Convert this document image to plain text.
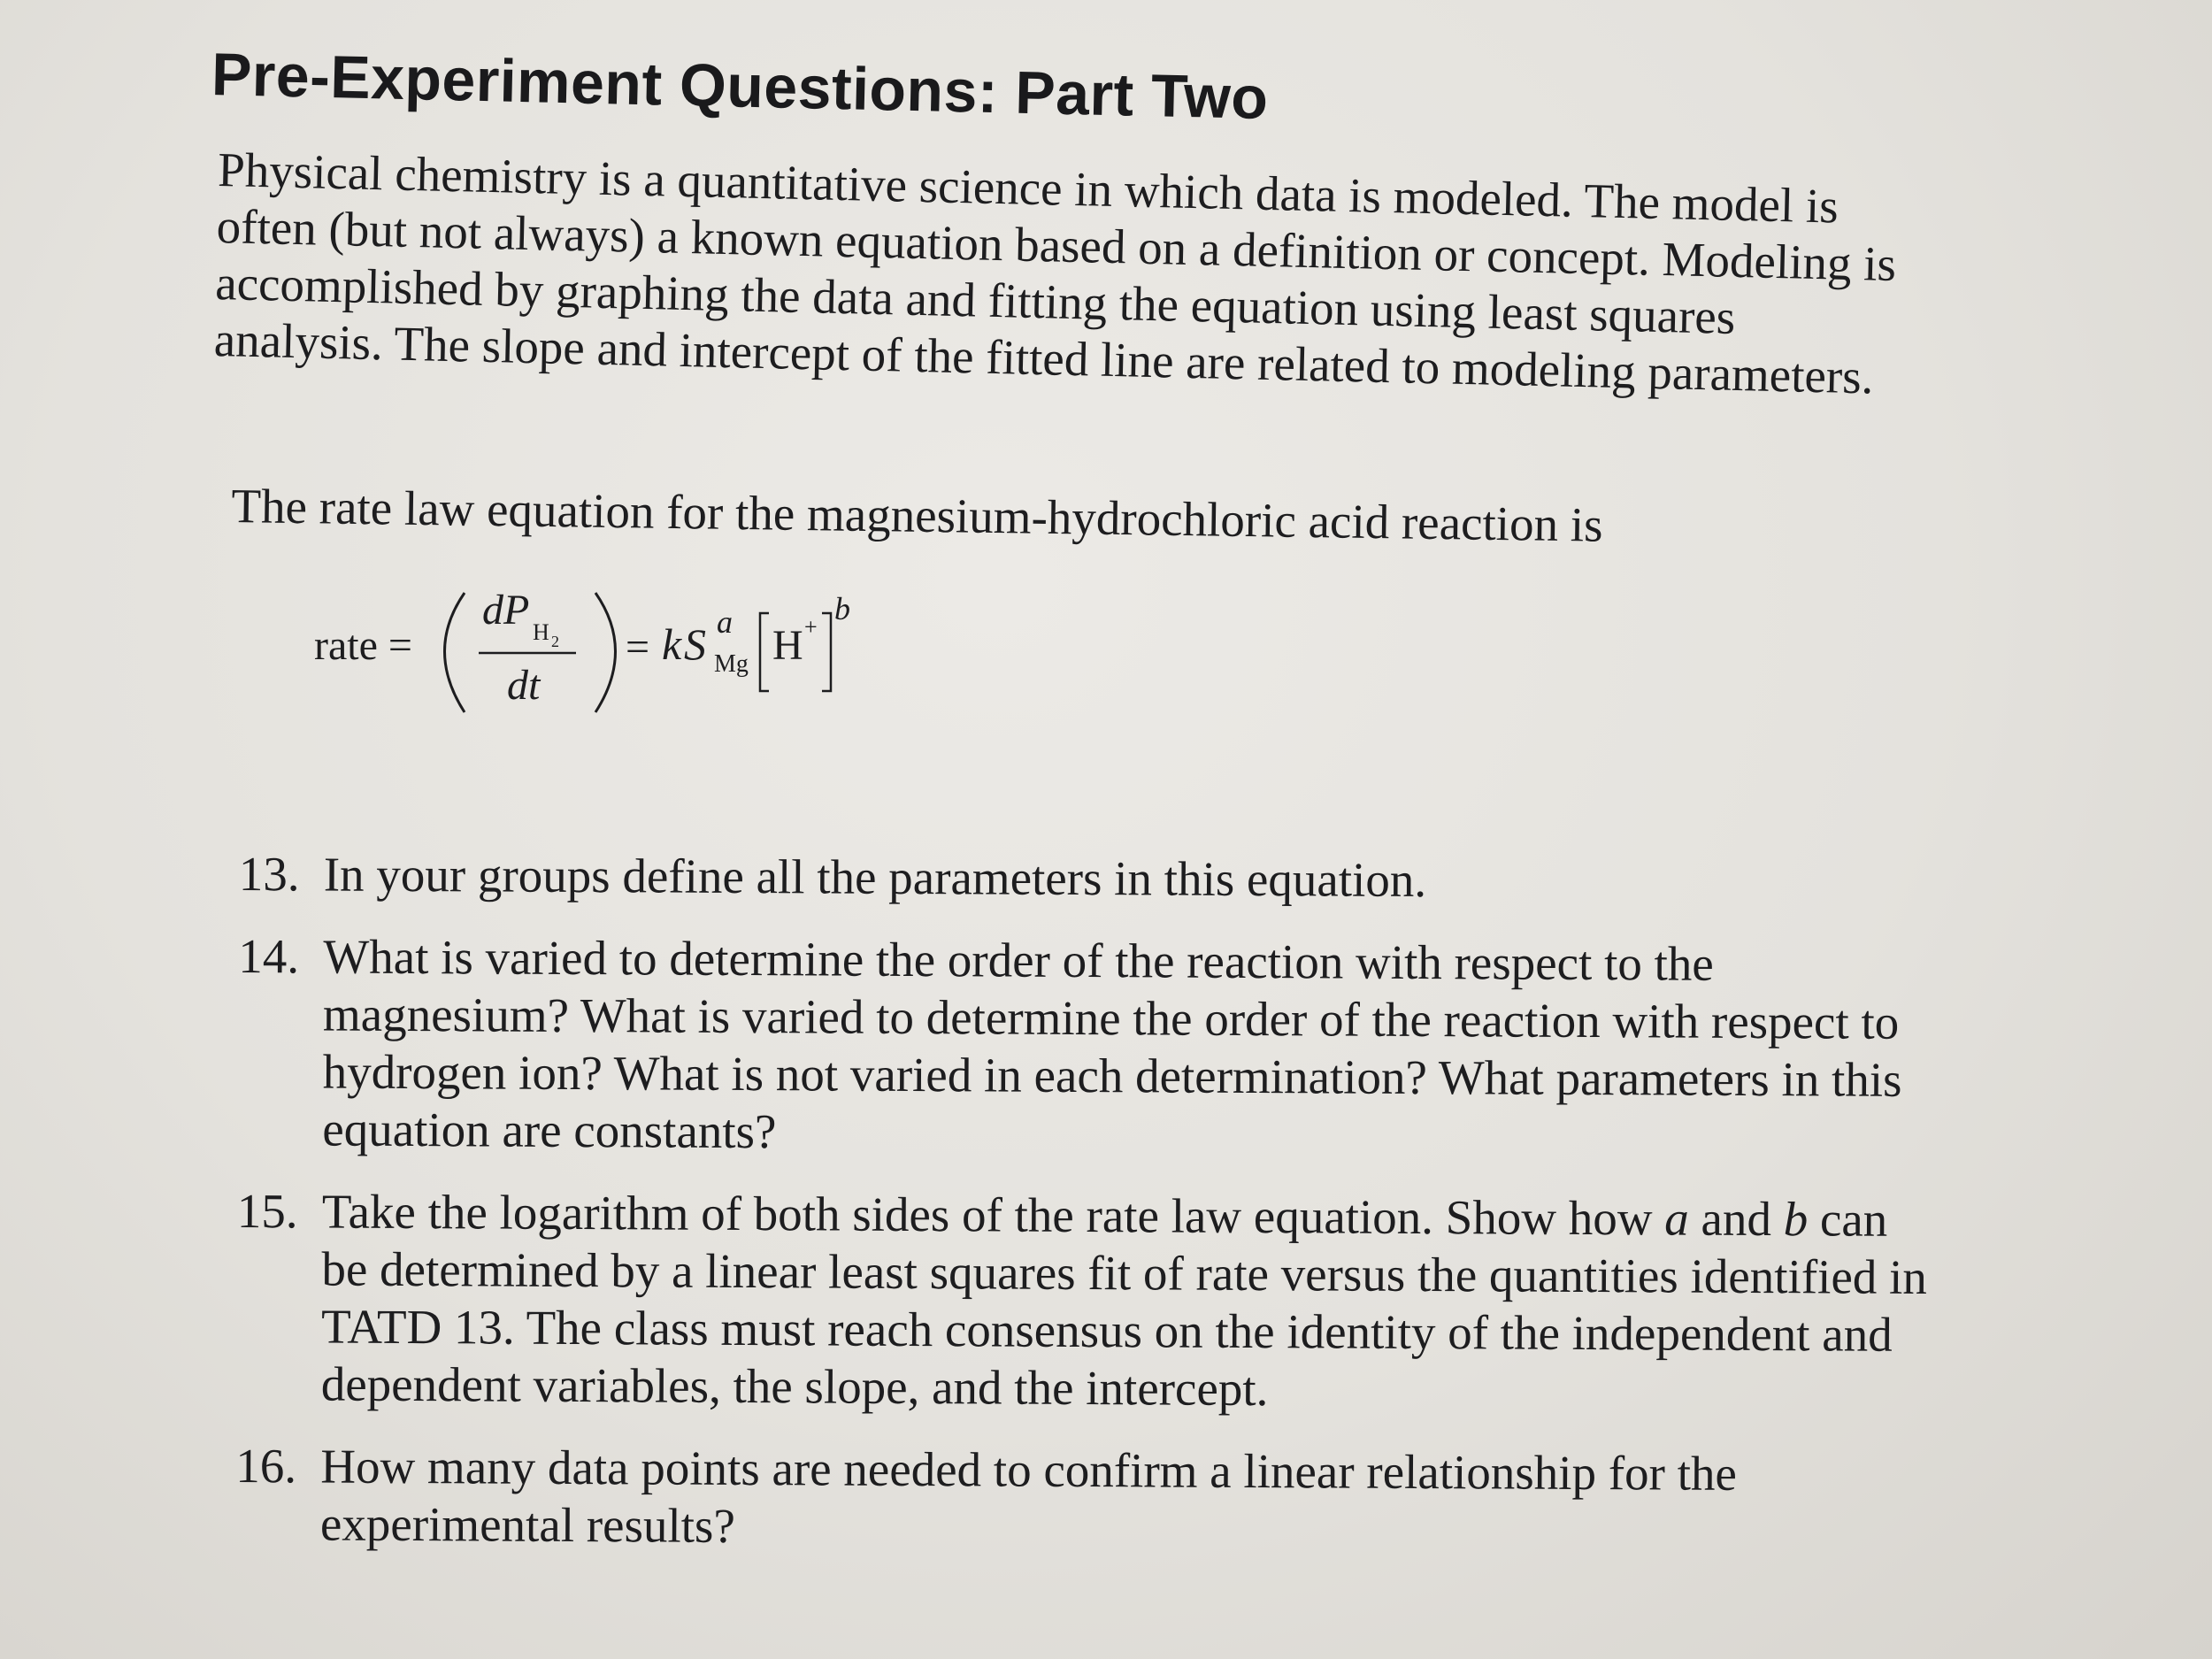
Pre-Experiment Questions: Part Two

Physical chemistry is a quantitative science in which data is modeled. The model is often (but not always) a known equation based on a definition or concept. Modeling is accomplished by graphing the data and fitting the equation using least squares analysis. The slope and intercept of the fitted line are related to modeling parameters.

The rate law equation for the magnesium-hydrochloric acid reaction is

rate =
dP H 2
dt
= k S a
Mg H +
b
13. In your groups define all the parameters in this equation.
14. What is varied to determine the order of the reaction with respect to the magnesium? What is varied to determine the order of the reaction with respect to hydrogen ion? What is not varied in each determination? What parameters in this equation are constants?
15. Take the logarithm of both sides of the rate law equation. Show how a and b can be determined by a linear least squares fit of rate versus the quantities identified in TATD 13. The class must reach consensus on the identity of the independent and dependent variables, the slope, and the intercept.
16. How many data points are needed to confirm a linear relationship for the experimental results?
